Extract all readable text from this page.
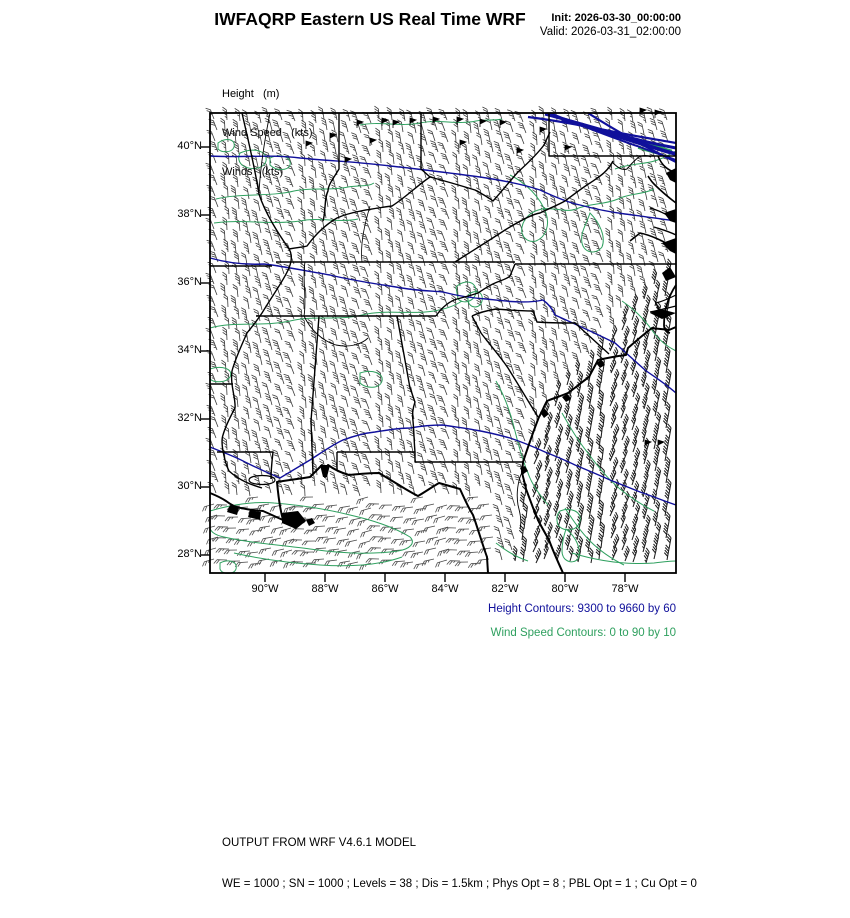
IWFAQRP Eastern US Real Time WRF	Init: 2026-03-30_00:00:00
Valid: 2026-03-31_02:00:00

Height   (m)

Wind Speed   (kts)

Winds   (kts)

40°N
38°N
36°N
34°N
32°N
30°N
28°N
90°W	88°W	86°W	84°W	82°W	80°W	78°W
Height Contours: 9300 to 9660 by 60
Wind Speed Contours: 0 to 90 by 10

OUTPUT FROM WRF V4.6.1 MODEL

WE = 1000 ; SN = 1000 ; Levels = 38 ; Dis = 1.5km ; Phys Opt = 8 ; PBL Opt = 1 ; Cu Opt = 0
